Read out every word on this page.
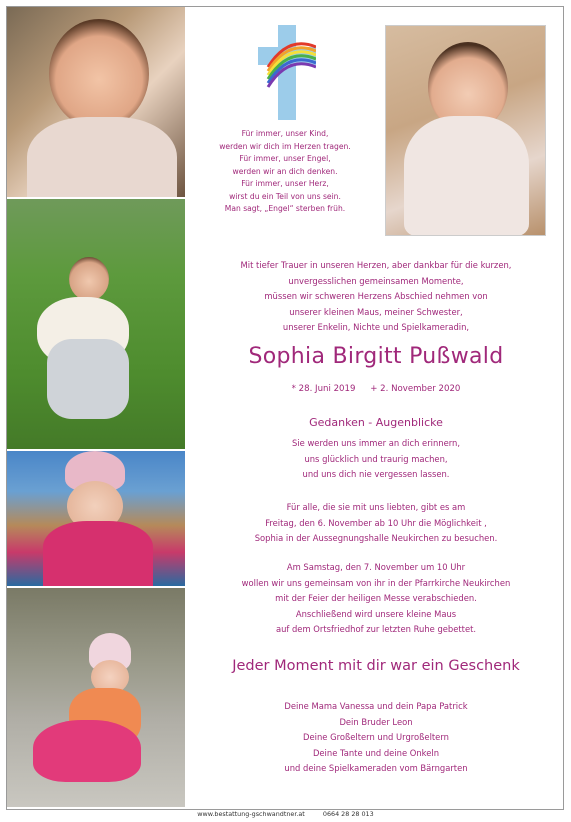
Für immer, unser Kind,
werden wir dich im Herzen tragen.
Für immer, unser Engel,
werden wir an dich denken.
Für immer, unser Herz,
wirst du ein Teil von uns sein.
Man sagt, „Engel“ sterben früh.
Mit tiefer Trauer in unseren Herzen, aber dankbar für die kurzen,
unvergesslichen gemeinsamen Momente,
müssen wir schweren Herzens Abschied nehmen von
unserer kleinen Maus, meiner Schwester,
unserer Enkelin, Nichte und Spielkameradin,
Sophia Birgitt Pußwald
* 28. Juni 2019 + 2. November 2020
Gedanken - Augenblicke
Sie werden uns immer an dich erinnern,
uns glücklich und traurig machen,
und uns dich nie vergessen lassen.
Für alle, die sie mit uns liebten, gibt es am
Freitag, den 6. November ab 10 Uhr die Möglichkeit ,
Sophia in der Aussegnungshalle Neukirchen zu besuchen.
Am Samstag, den 7. November um 10 Uhr
wollen wir uns gemeinsam von ihr in der Pfarrkirche Neukirchen
mit der Feier der heiligen Messe verabschieden.
Anschließend wird unsere kleine Maus
auf dem Ortsfriedhof zur letzten Ruhe gebettet.
Jeder Moment mit dir war ein Geschenk
Deine Mama Vanessa und dein Papa Patrick
Dein Bruder Leon
Deine Großeltern und Urgroßeltern
Deine Tante und deine Onkeln
und deine Spielkameraden vom Bärngarten
www.bestattung-gschwandtner.at	0664 28 28 013
